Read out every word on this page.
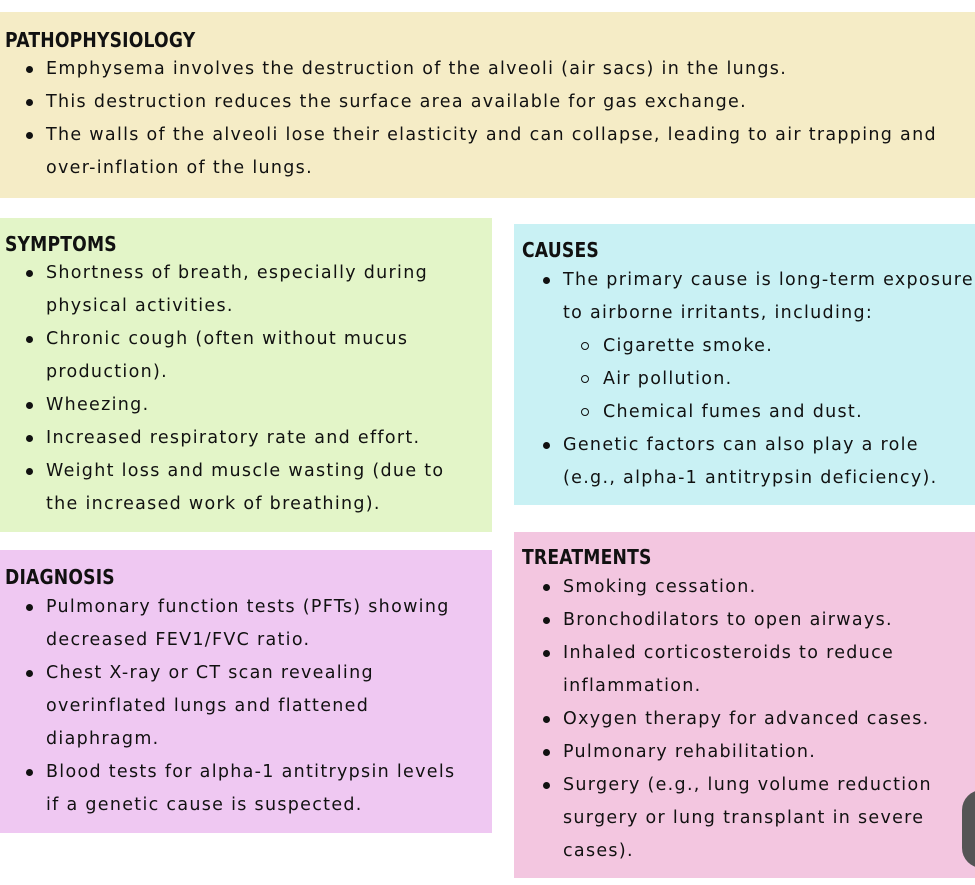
PATHOPHYSIOLOGY
Emphysema involves the destruction of the alveoli (air sacs) in the lungs.
This destruction reduces the surface area available for gas exchange.
The walls of the alveoli lose their elasticity and can collapse, leading to air trapping and over-inflation of the lungs.
SYMPTOMS
Shortness of breath, especially during physical activities.
Chronic cough (often without mucus production).
Wheezing.
Increased respiratory rate and effort.
Weight loss and muscle wasting (due to the increased work of breathing).
CAUSES
The primary cause is long-term exposure to airborne irritants, including:
Cigarette smoke.
Air pollution.
Chemical fumes and dust.
Genetic factors can also play a role (e.g., alpha-1 antitrypsin deficiency).
DIAGNOSIS
Pulmonary function tests (PFTs) showing decreased FEV1/FVC ratio.
Chest X-ray or CT scan revealing overinflated lungs and flattened diaphragm.
Blood tests for alpha-1 antitrypsin levels if a genetic cause is suspected.
TREATMENTS
Smoking cessation.
Bronchodilators to open airways.
Inhaled corticosteroids to reduce inflammation.
Oxygen therapy for advanced cases.
Pulmonary rehabilitation.
Surgery (e.g., lung volume reduction surgery or lung transplant in severe cases).
